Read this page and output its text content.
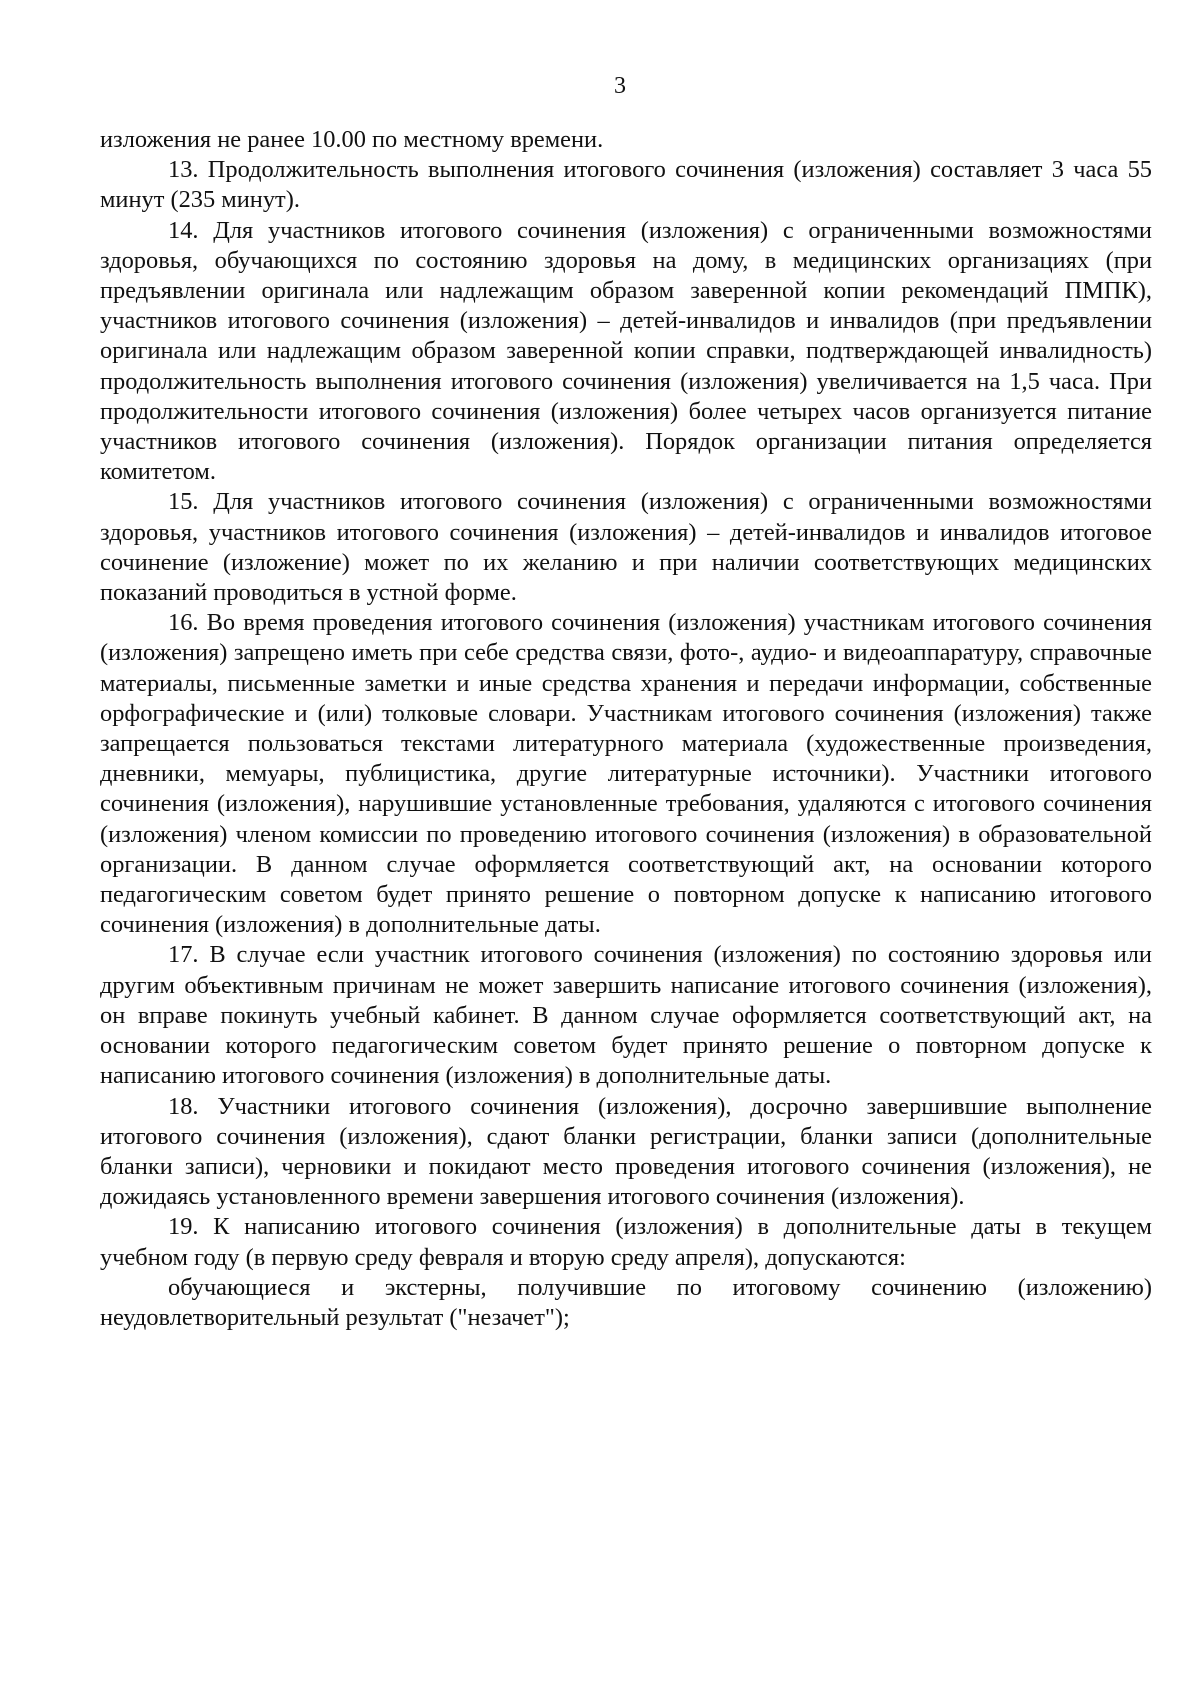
3

изложения не ранее 10.00 по местному времени.

13. Продолжительность выполнения итогового сочинения (изложения) составляет 3 часа 55 минут (235 минут).

14. Для участников итогового сочинения (изложения) с ограниченными возможностями здоровья, обучающихся по состоянию здоровья на дому, в медицинских организациях (при предъявлении оригинала или надлежащим образом заверенной копии рекомендаций ПМПК), участников итогового сочинения (изложения) – детей-инвалидов и инвалидов (при предъявлении оригинала или надлежащим образом заверенной копии справки, подтверждающей инвалидность) продолжительность выполнения итогового сочинения (изложения) увеличивается на 1,5 часа. При продолжительности итогового сочинения (изложения) более четырех часов организуется питание участников итогового сочинения (изложения). Порядок организации питания определяется комитетом.

15. Для участников итогового сочинения (изложения) с ограниченными возможностями здоровья, участников итогового сочинения (изложения) – детей-инвалидов и инвалидов итоговое сочинение (изложение) может по их желанию и при наличии соответствующих медицинских показаний проводиться в устной форме.

16. Во время проведения итогового сочинения (изложения) участникам итогового сочинения (изложения) запрещено иметь при себе средства связи, фото-, аудио- и видеоаппаратуру, справочные материалы, письменные заметки и иные средства хранения и передачи информации, собственные орфографические и (или) толковые словари. Участникам итогового сочинения (изложения) также запрещается пользоваться текстами литературного материала (художественные произведения, дневники, мемуары, публицистика, другие литературные источники). Участники итогового сочинения (изложения), нарушившие установленные требования, удаляются с итогового сочинения (изложения) членом комиссии по проведению итогового сочинения (изложения) в образовательной организации. В данном случае оформляется соответствующий акт, на основании которого педагогическим советом будет принято решение о повторном допуске к написанию итогового сочинения (изложения) в дополнительные даты.

17. В случае если участник итогового сочинения (изложения) по состоянию здоровья или другим объективным причинам не может завершить написание итогового сочинения (изложения), он вправе покинуть учебный кабинет. В данном случае оформляется соответствующий акт, на основании которого педагогическим советом будет принято решение о повторном допуске к написанию итогового сочинения (изложения) в дополнительные даты.

18. Участники итогового сочинения (изложения), досрочно завершившие выполнение итогового сочинения (изложения), сдают бланки регистрации, бланки записи (дополнительные бланки записи), черновики и покидают место проведения итогового сочинения (изложения), не дожидаясь установленного времени завершения итогового сочинения (изложения).

19. К написанию итогового сочинения (изложения) в дополнительные даты в текущем учебном году (в первую среду февраля и вторую среду апреля), допускаются:

обучающиеся и экстерны, получившие по итоговому сочинению (изложению) неудовлетворительный результат ("незачет");
